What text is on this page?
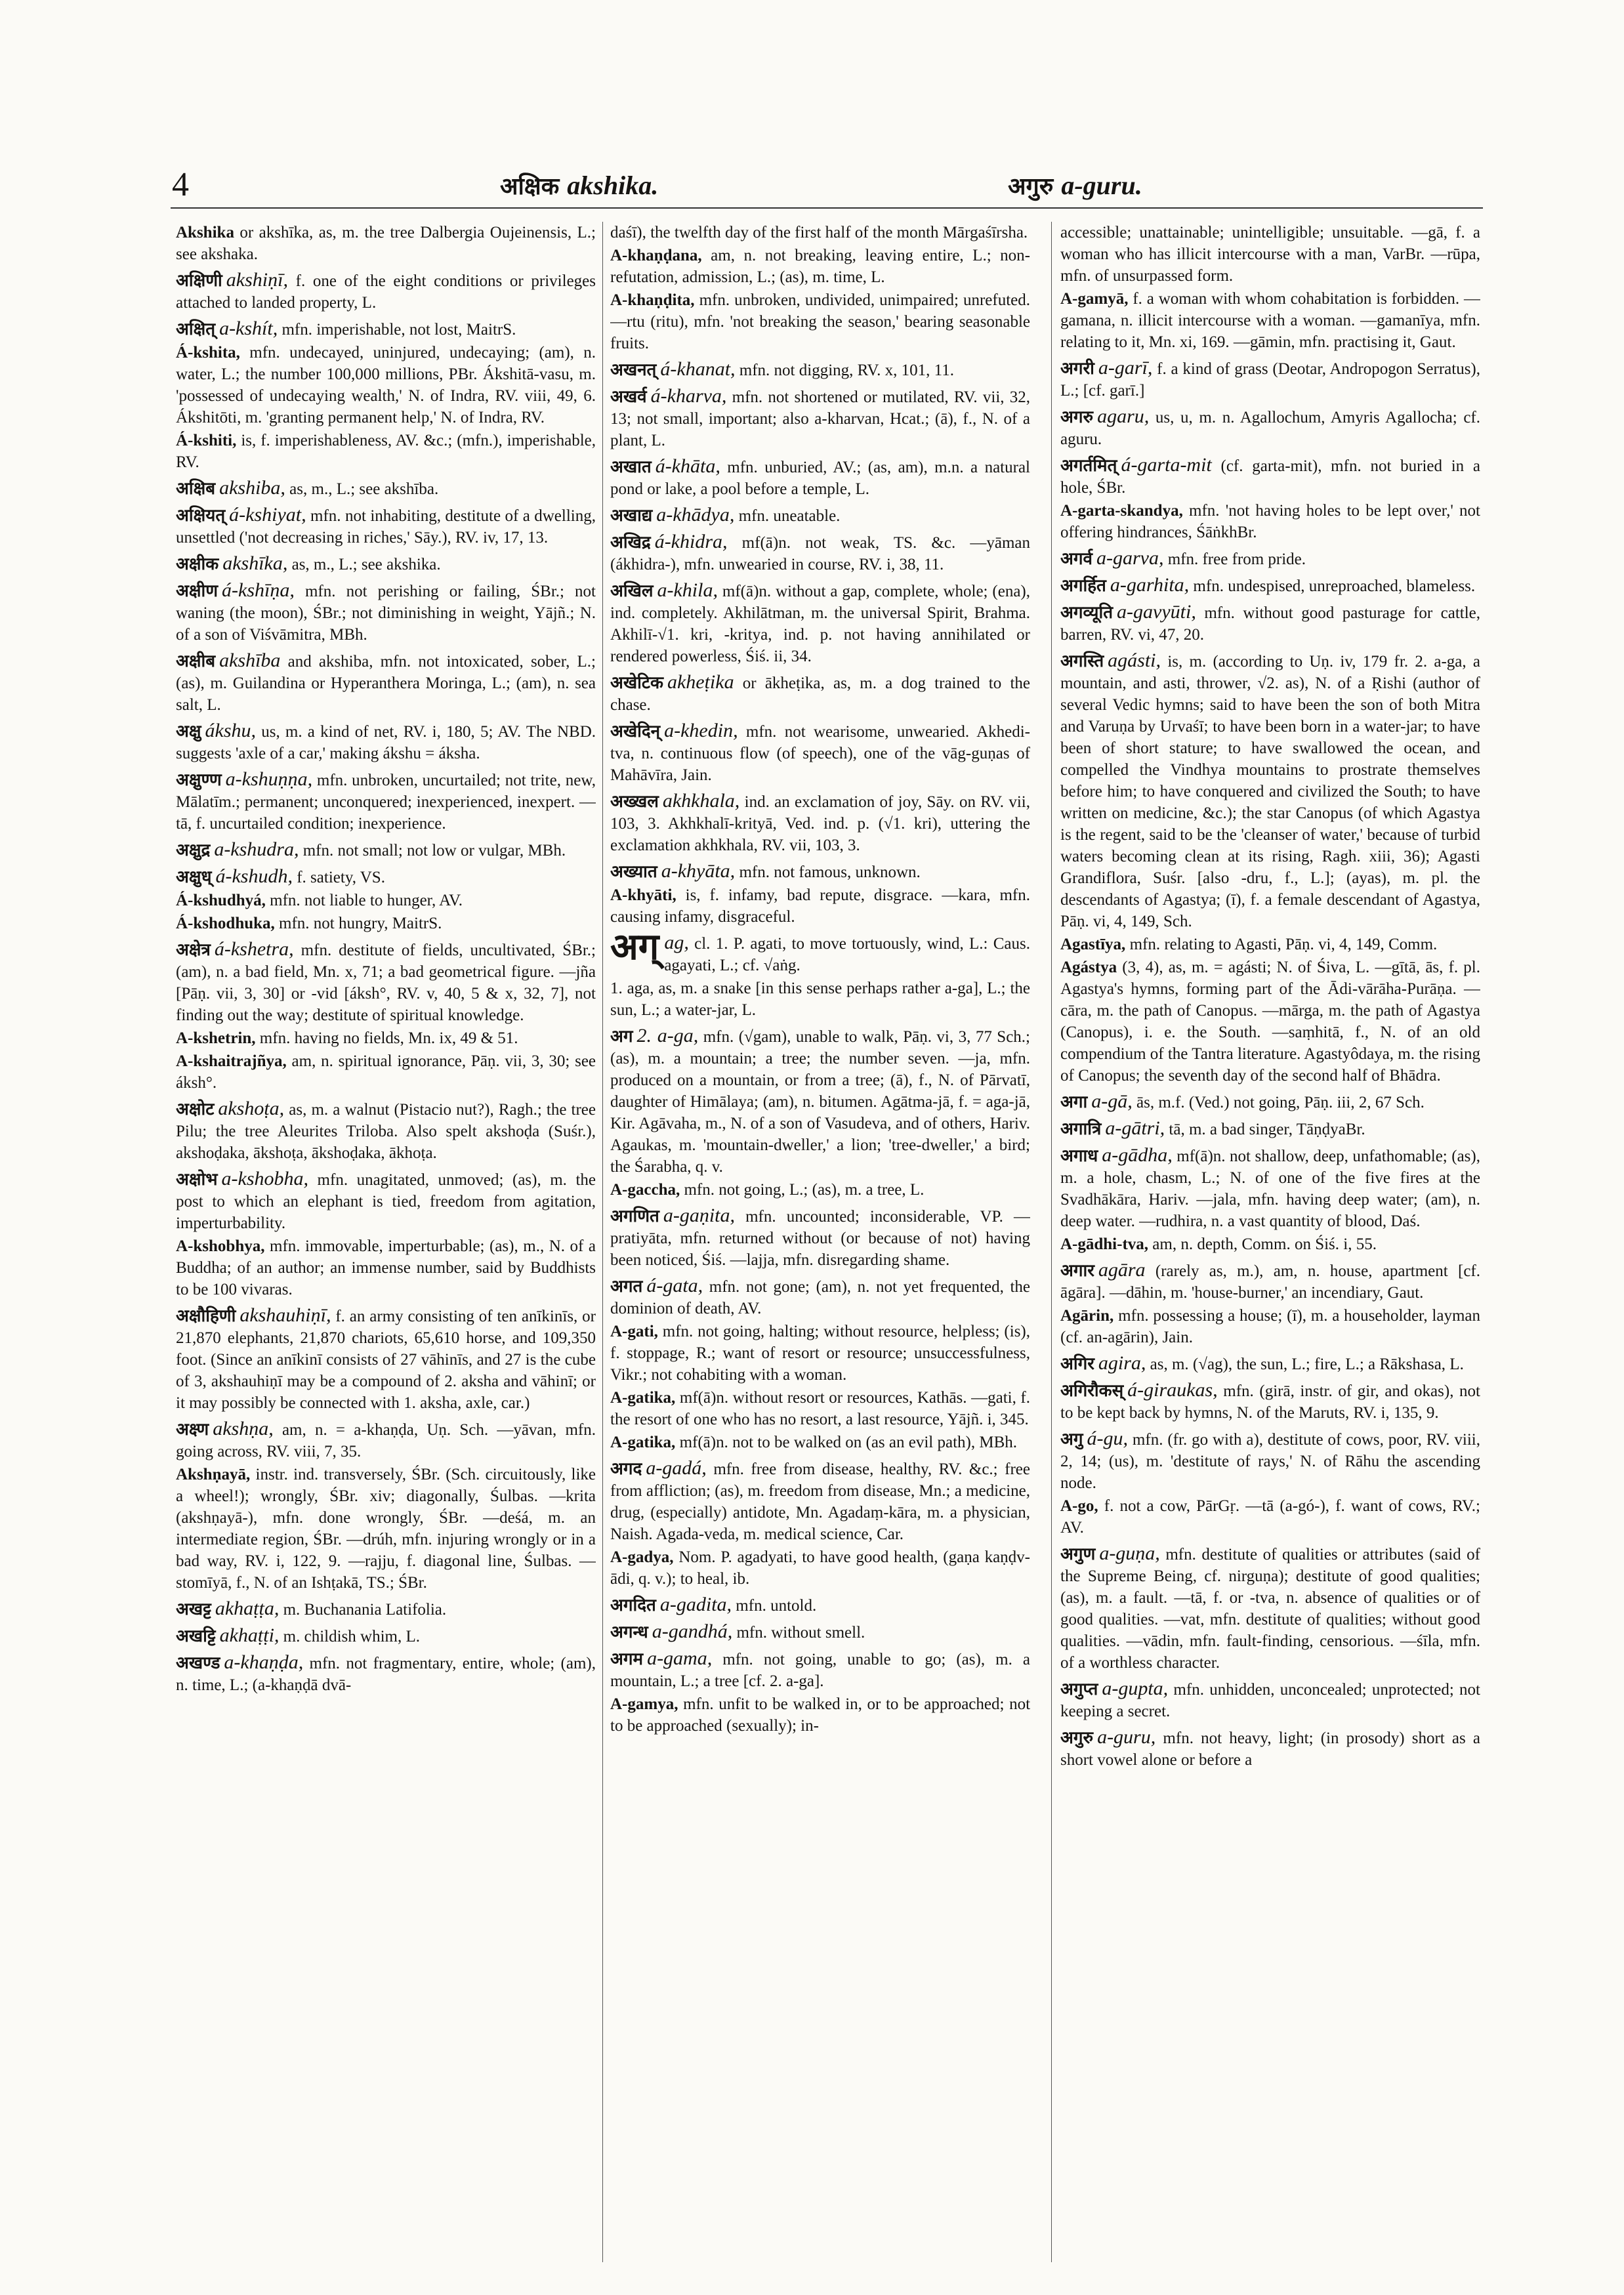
4	अक्षिक akshika.	अगुरु a-guru.

Akshika or akshīka, as, m. the tree Dalbergia Oujeinensis, L.; see akshaka.

अक्षिणी akshiṇī, f. one of the eight conditions or privileges attached to landed property, L.

अक्षित् a-kshít, mfn. imperishable, not lost, MaitrS.

Á-kshita, mfn. undecayed, uninjured, undecaying; (am), n. water, L.; the number 100,000 millions, PBr. Ákshitā-vasu, m. 'possessed of undecaying wealth,' N. of Indra, RV. viii, 49, 6. Ákshitōti, m. 'granting permanent help,' N. of Indra, RV.

Á-kshiti, is, f. imperishableness, AV. &c.; (mfn.), imperishable, RV.

अक्षिब akshiba, as, m., L.; see akshība.

अक्षियत् á-kshiyat, mfn. not inhabiting, destitute of a dwelling, unsettled ('not decreasing in riches,' Sāy.), RV. iv, 17, 13.

अक्षीक akshīka, as, m., L.; see akshika.

अक्षीण á-kshīṇa, mfn. not perishing or failing, ŚBr.; not waning (the moon), ŚBr.; not diminishing in weight, Yājñ.; N. of a son of Viśvāmitra, MBh.

अक्षीब akshība and akshiba, mfn. not intoxicated, sober, L.; (as), m. Guilandina or Hyperanthera Moringa, L.; (am), n. sea salt, L.

अक्षु ákshu, us, m. a kind of net, RV. i, 180, 5; AV. The NBD. suggests 'axle of a car,' making ákshu = áksha.

अक्षुण्ण a-kshuṇṇa, mfn. unbroken, uncurtailed; not trite, new, Mālatīm.; permanent; unconquered; inexperienced, inexpert. —tā, f. uncurtailed condition; inexperience.

अक्षुद्र a-kshudra, mfn. not small; not low or vulgar, MBh.

अक्षुध् á-kshudh, f. satiety, VS.

Á-kshudhyá, mfn. not liable to hunger, AV.

Á-kshodhuka, mfn. not hungry, MaitrS.

अक्षेत्र á-kshetra, mfn. destitute of fields, uncultivated, ŚBr.; (am), n. a bad field, Mn. x, 71; a bad geometrical figure. —jña [Pāṇ. vii, 3, 30] or -vid [áksh°, RV. v, 40, 5 & x, 32, 7], not finding out the way; destitute of spiritual knowledge.

A-kshetrin, mfn. having no fields, Mn. ix, 49 & 51.

A-kshaitrajñya, am, n. spiritual ignorance, Pāṇ. vii, 3, 30; see áksh°.

अक्षोट akshoṭa, as, m. a walnut (Pistacio nut?), Ragh.; the tree Pilu; the tree Aleurites Triloba. Also spelt akshoḍa (Suśr.), akshoḍaka, ākshoṭa, ākshoḍaka, ākhoṭa.

अक्षोभ a-kshobha, mfn. unagitated, unmoved; (as), m. the post to which an elephant is tied, freedom from agitation, imperturbability.

A-kshobhya, mfn. immovable, imperturbable; (as), m., N. of a Buddha; of an author; an immense number, said by Buddhists to be 100 vivaras.

अक्षौहिणी akshauhiṇī, f. an army consisting of ten anīkinīs, or 21,870 elephants, 21,870 chariots, 65,610 horse, and 109,350 foot. (Since an anīkinī consists of 27 vāhinīs, and 27 is the cube of 3, akshauhiṇī may be a compound of 2. aksha and vāhinī; or it may possibly be connected with 1. aksha, axle, car.)

अक्ष्ण akshṇa, am, n. = a-khaṇḍa, Uṇ. Sch. —yāvan, mfn. going across, RV. viii, 7, 35.

Akshṇayā, instr. ind. transversely, ŚBr. (Sch. circuitously, like a wheel!); wrongly, ŚBr. xiv; diagonally, Śulbas. —krita (akshṇayā-), mfn. done wrongly, ŚBr. —deśá, m. an intermediate region, ŚBr. —drúh, mfn. injuring wrongly or in a bad way, RV. i, 122, 9. —rajju, f. diagonal line, Śulbas. —stomīyā, f., N. of an Ishṭakā, TS.; ŚBr.

अखट्ट akhaṭṭa, m. Buchanania Latifolia.

अखट्टि akhaṭṭi, m. childish whim, L.

अखण्ड a-khaṇḍa, mfn. not fragmentary, entire, whole; (am), n. time, L.; (a-khaṇḍā dvā-

daśī), the twelfth day of the first half of the month Mārgaśīrsha.

A-khaṇḍana, am, n. not breaking, leaving entire, L.; non-refutation, admission, L.; (as), m. time, L.

A-khaṇḍita, mfn. unbroken, undivided, unimpaired; unrefuted. —rtu (ritu), mfn. 'not breaking the season,' bearing seasonable fruits.

अखनत् á-khanat, mfn. not digging, RV. x, 101, 11.

अखर्व á-kharva, mfn. not shortened or mutilated, RV. vii, 32, 13; not small, important; also a-kharvan, Hcat.; (ā), f., N. of a plant, L.

अखात á-khāta, mfn. unburied, AV.; (as, am), m.n. a natural pond or lake, a pool before a temple, L.

अखाद्य a-khādya, mfn. uneatable.

अखिद्र á-khidra, mf(ā)n. not weak, TS. &c. —yāman (ákhidra-), mfn. unwearied in course, RV. i, 38, 11.

अखिल a-khila, mf(ā)n. without a gap, complete, whole; (ena), ind. completely. Akhilātman, m. the universal Spirit, Brahma. Akhilī-√1. kri, -kritya, ind. p. not having annihilated or rendered powerless, Śiś. ii, 34.

अखेटिक akheṭika or ākheṭika, as, m. a dog trained to the chase.

अखेदिन् a-khedin, mfn. not wearisome, unwearied. Akhedi-tva, n. continuous flow (of speech), one of the vāg-guṇas of Mahāvīra, Jain.

अख्खल akhkhala, ind. an exclamation of joy, Sāy. on RV. vii, 103, 3. Akhkhalī-krityā, Ved. ind. p. (√1. kri), uttering the exclamation akhkhala, RV. vii, 103, 3.

अख्यात a-khyāta, mfn. not famous, unknown.

A-khyāti, is, f. infamy, bad repute, disgrace. —kara, mfn. causing infamy, disgraceful.

अग् ag, cl. 1. P. agati, to move tortuously, wind, L.: Caus. agayati, L.; cf. √aṅg.

1. aga, as, m. a snake [in this sense perhaps rather a-ga], L.; the sun, L.; a water-jar, L.

अग 2. a-ga, mfn. (√gam), unable to walk, Pāṇ. vi, 3, 77 Sch.; (as), m. a mountain; a tree; the number seven. —ja, mfn. produced on a mountain, or from a tree; (ā), f., N. of Pārvatī, daughter of Himālaya; (am), n. bitumen. Agātma-jā, f. = aga-jā, Kir. Agāvaha, m., N. of a son of Vasudeva, and of others, Hariv. Agaukas, m. 'mountain-dweller,' a lion; 'tree-dweller,' a bird; the Śarabha, q. v.

A-gaccha, mfn. not going, L.; (as), m. a tree, L.

अगणित a-gaṇita, mfn. uncounted; inconsiderable, VP. —pratiyāta, mfn. returned without (or because of not) having been noticed, Śiś. —lajja, mfn. disregarding shame.

अगत á-gata, mfn. not gone; (am), n. not yet frequented, the dominion of death, AV.

A-gati, mfn. not going, halting; without resource, helpless; (is), f. stoppage, R.; want of resort or resource; unsuccessfulness, Vikr.; not cohabiting with a woman.

A-gatika, mf(ā)n. without resort or resources, Kathās. —gati, f. the resort of one who has no resort, a last resource, Yājñ. i, 345.

A-gatika, mf(ā)n. not to be walked on (as an evil path), MBh.

अगद a-gadá, mfn. free from disease, healthy, RV. &c.; free from affliction; (as), m. freedom from disease, Mn.; a medicine, drug, (especially) antidote, Mn. Agadaṃ-kāra, m. a physician, Naish. Agada-veda, m. medical science, Car.

A-gadya, Nom. P. agadyati, to have good health, (gaṇa kaṇḍv-ādi, q. v.); to heal, ib.

अगदित a-gadita, mfn. untold.

अगन्ध a-gandhá, mfn. without smell.

अगम a-gama, mfn. not going, unable to go; (as), m. a mountain, L.; a tree [cf. 2. a-ga].

A-gamya, mfn. unfit to be walked in, or to be approached; not to be approached (sexually); in-

accessible; unattainable; unintelligible; unsuitable. —gā, f. a woman who has illicit intercourse with a man, VarBr. —rūpa, mfn. of unsurpassed form.

A-gamyā, f. a woman with whom cohabitation is forbidden. —gamana, n. illicit intercourse with a woman. —gamanīya, mfn. relating to it, Mn. xi, 169. —gāmin, mfn. practising it, Gaut.

अगरी a-garī, f. a kind of grass (Deotar, Andropogon Serratus), L.; [cf. garī.]

अगरु agaru, us, u, m. n. Agallochum, Amyris Agallocha; cf. aguru.

अगर्तमित् á-garta-mit (cf. garta-mit), mfn. not buried in a hole, ŚBr.

A-garta-skandya, mfn. 'not having holes to be lept over,' not offering hindrances, ŚāṅkhBr.

अगर्व a-garva, mfn. free from pride.

अगर्हित a-garhita, mfn. undespised, unreproached, blameless.

अगव्यूति a-gavyūti, mfn. without good pasturage for cattle, barren, RV. vi, 47, 20.

अगस्ति agásti, is, m. (according to Uṇ. iv, 179 fr. 2. a-ga, a mountain, and asti, thrower, √2. as), N. of a Ṛishi (author of several Vedic hymns; said to have been the son of both Mitra and Varuṇa by Urvaśī; to have been born in a water-jar; to have been of short stature; to have swallowed the ocean, and compelled the Vindhya mountains to prostrate themselves before him; to have conquered and civilized the South; to have written on medicine, &c.); the star Canopus (of which Agastya is the regent, said to be the 'cleanser of water,' because of turbid waters becoming clean at its rising, Ragh. xiii, 36); Agasti Grandiflora, Suśr. [also -dru, f., L.]; (ayas), m. pl. the descendants of Agastya; (ī), f. a female descendant of Agastya, Pāṇ. vi, 4, 149, Sch.

Agastīya, mfn. relating to Agasti, Pāṇ. vi, 4, 149, Comm.

Agástya (3, 4), as, m. = agásti; N. of Śiva, L. —gītā, ās, f. pl. Agastya's hymns, forming part of the Ādi-vārāha-Purāṇa. —cāra, m. the path of Canopus. —mārga, m. the path of Agastya (Canopus), i. e. the South. —saṃhitā, f., N. of an old compendium of the Tantra literature. Agastyôdaya, m. the rising of Canopus; the seventh day of the second half of Bhādra.

अगा a-gā, ās, m.f. (Ved.) not going, Pāṇ. iii, 2, 67 Sch.

अगात्रि a-gātri, tā, m. a bad singer, TāṇḍyaBr.

अगाध a-gādha, mf(ā)n. not shallow, deep, unfathomable; (as), m. a hole, chasm, L.; N. of one of the five fires at the Svadhākāra, Hariv. —jala, mfn. having deep water; (am), n. deep water. —rudhira, n. a vast quantity of blood, Daś.

A-gādhi-tva, am, n. depth, Comm. on Śiś. i, 55.

अगार agāra (rarely as, m.), am, n. house, apartment [cf. āgāra]. —dāhin, m. 'house-burner,' an incendiary, Gaut.

Agārin, mfn. possessing a house; (ī), m. a householder, layman (cf. an-agārin), Jain.

अगिर agira, as, m. (√ag), the sun, L.; fire, L.; a Rākshasa, L.

अगिरौकस् á-giraukas, mfn. (girā, instr. of gir, and okas), not to be kept back by hymns, N. of the Maruts, RV. i, 135, 9.

अगु á-gu, mfn. (fr. go with a), destitute of cows, poor, RV. viii, 2, 14; (us), m. 'destitute of rays,' N. of Rāhu the ascending node.

A-go, f. not a cow, PārGṛ. —tā (a-gó-), f. want of cows, RV.; AV.

अगुण a-guṇa, mfn. destitute of qualities or attributes (said of the Supreme Being, cf. nirguṇa); destitute of good qualities; (as), m. a fault. —tā, f. or -tva, n. absence of qualities or of good qualities. —vat, mfn. destitute of qualities; without good qualities. —vādin, mfn. fault-finding, censorious. —śīla, mfn. of a worthless character.

अगुप्त a-gupta, mfn. unhidden, unconcealed; unprotected; not keeping a secret.

अगुरु a-guru, mfn. not heavy, light; (in prosody) short as a short vowel alone or before a
